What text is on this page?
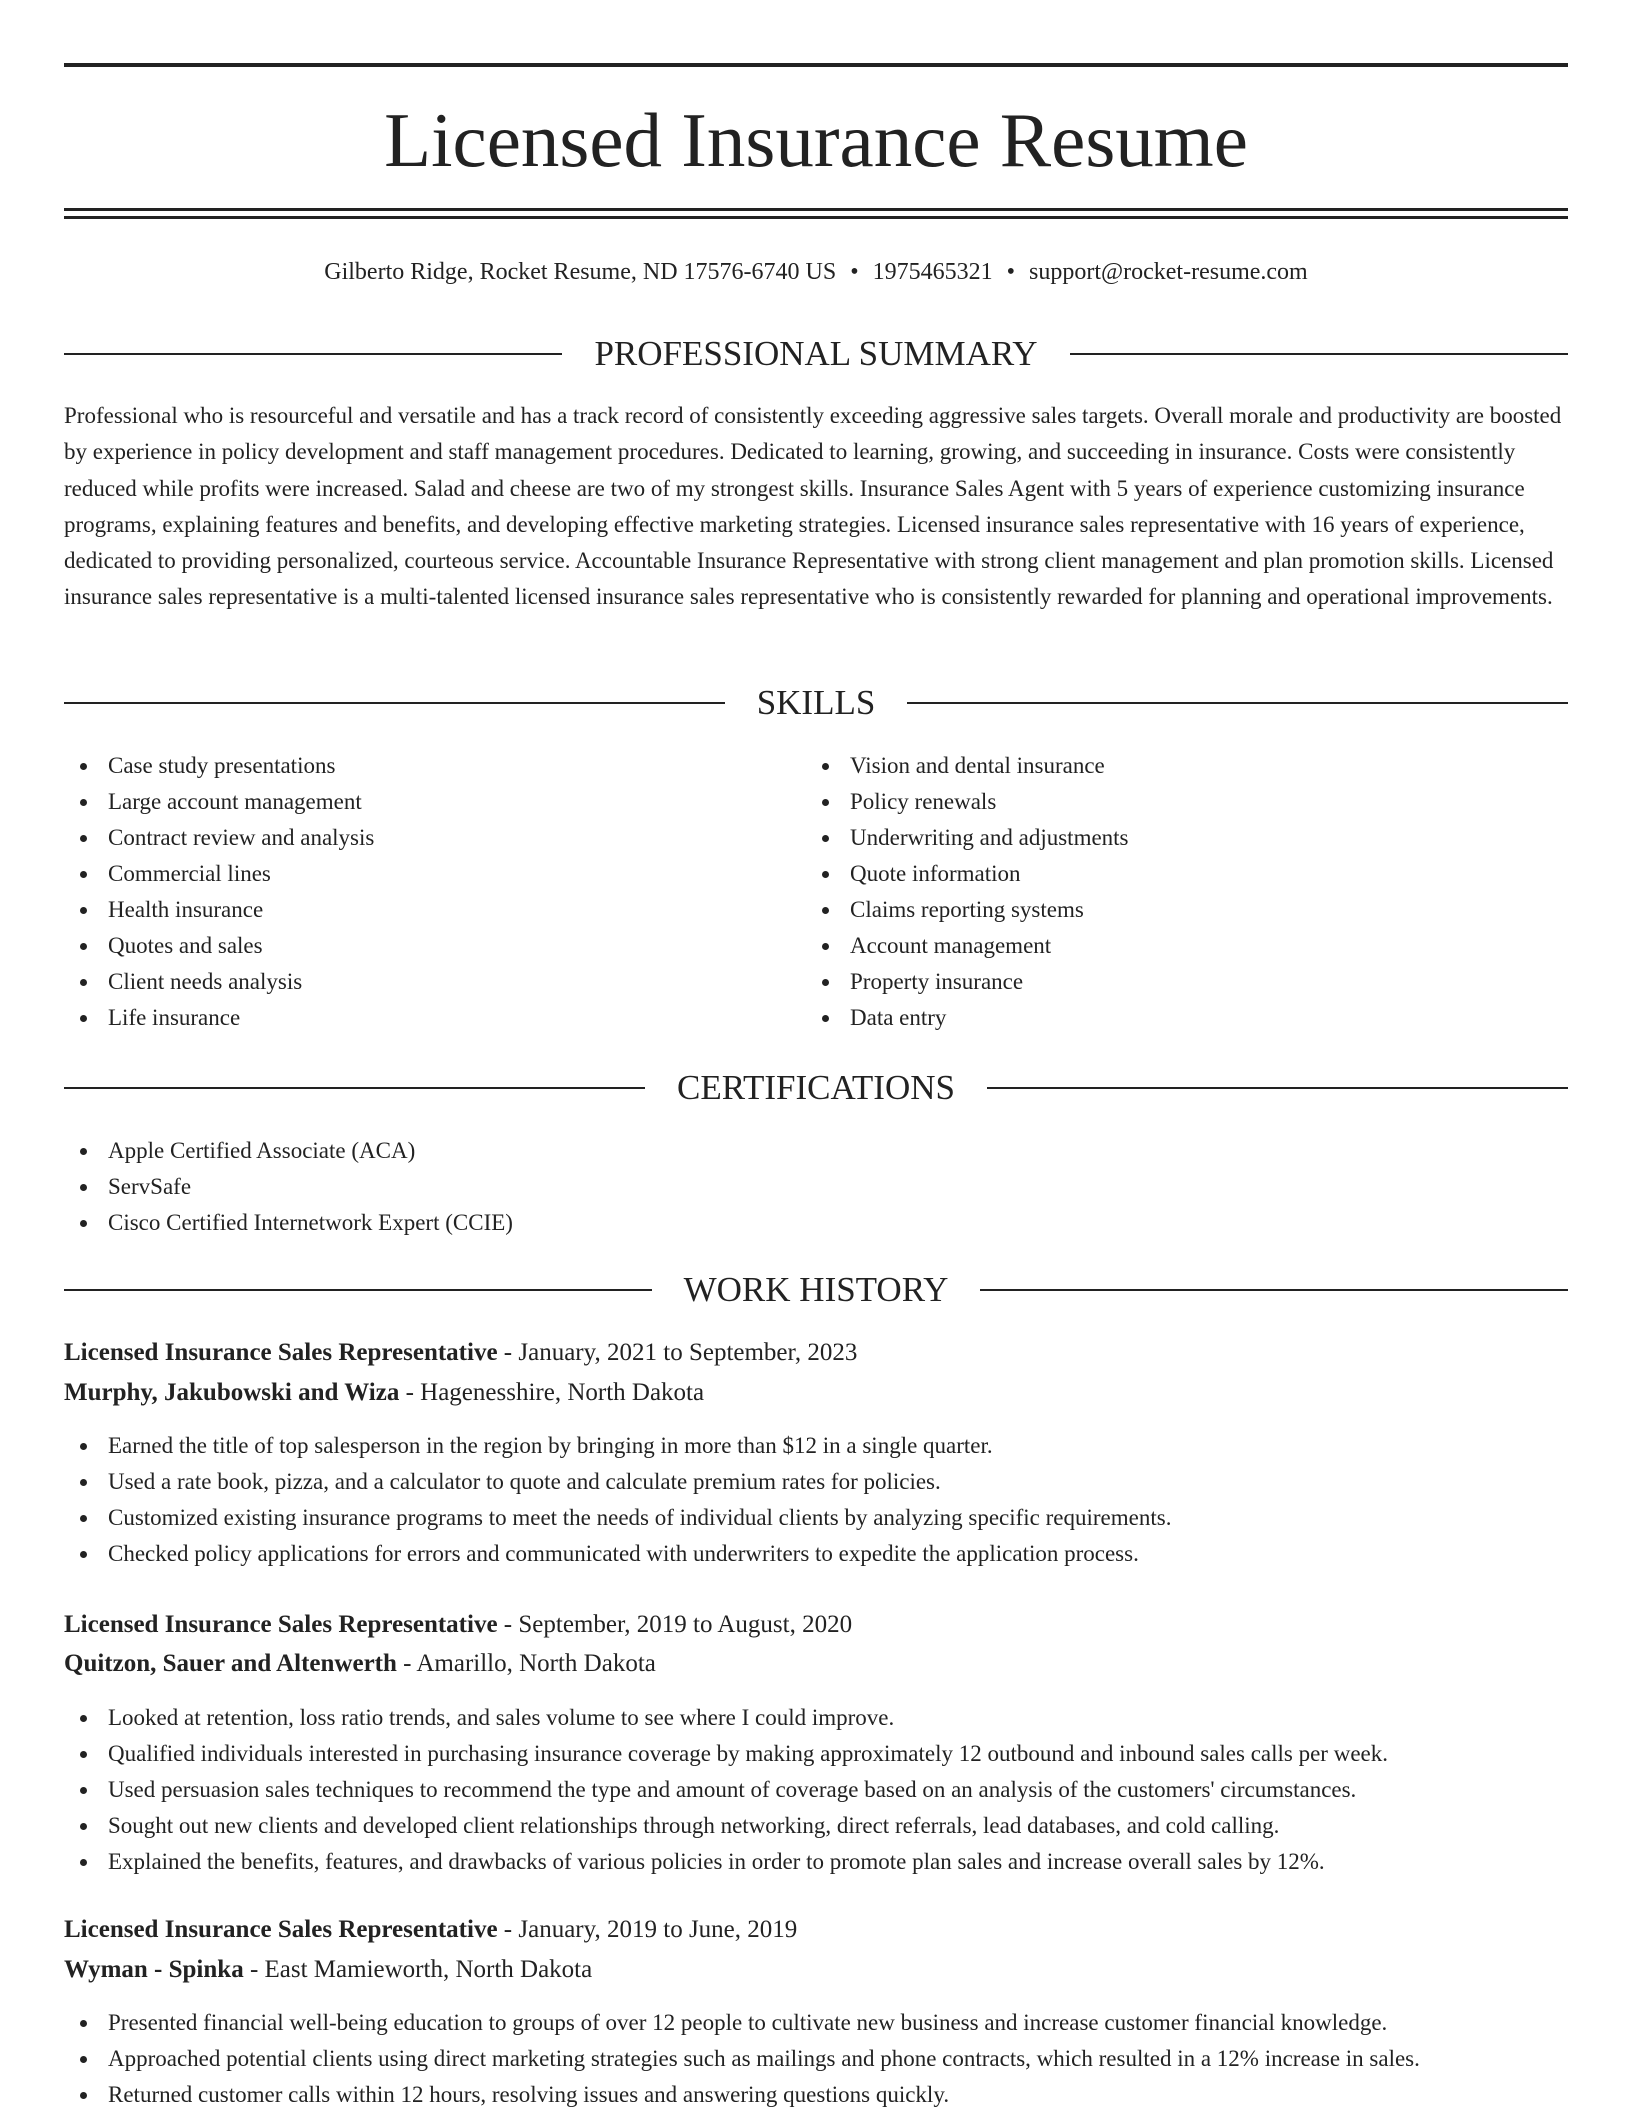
Licensed Insurance Resume
Gilberto Ridge, Rocket Resume, ND 17576-6740 US • 1975465321 • support@rocket-resume.com
PROFESSIONAL SUMMARY

Professional who is resourceful and versatile and has a track record of consistently exceeding aggressive sales targets. Overall morale and productivity are boosted by experience in policy development and staff management procedures. Dedicated to learning, growing, and succeeding in insurance. Costs were consistently reduced while profits were increased. Salad and cheese are two of my strongest skills. Insurance Sales Agent with 5 years of experience customizing insurance programs, explaining features and benefits, and developing effective marketing strategies. Licensed insurance sales representative with 16 years of experience, dedicated to providing personalized, courteous service. Accountable Insurance Representative with strong client management and plan promotion skills. Licensed insurance sales representative is a multi-talented licensed insurance sales representative who is consistently rewarded for planning and operational improvements.

SKILLS
Case study presentations
Large account management
Contract review and analysis
Commercial lines
Health insurance
Quotes and sales
Client needs analysis
Life insurance
Vision and dental insurance
Policy renewals
Underwriting and adjustments
Quote information
Claims reporting systems
Account management
Property insurance
Data entry
CERTIFICATIONS
Apple Certified Associate (ACA)
ServSafe
Cisco Certified Internetwork Expert (CCIE)
WORK HISTORY
Licensed Insurance Sales Representative - January, 2021 to September, 2023
Murphy, Jakubowski and Wiza - Hagenesshire, North Dakota
Earned the title of top salesperson in the region by bringing in more than $12 in a single quarter.
Used a rate book, pizza, and a calculator to quote and calculate premium rates for policies.
Customized existing insurance programs to meet the needs of individual clients by analyzing specific requirements.
Checked policy applications for errors and communicated with underwriters to expedite the application process.
Licensed Insurance Sales Representative - September, 2019 to August, 2020
Quitzon, Sauer and Altenwerth - Amarillo, North Dakota
Looked at retention, loss ratio trends, and sales volume to see where I could improve.
Qualified individuals interested in purchasing insurance coverage by making approximately 12 outbound and inbound sales calls per week.
Used persuasion sales techniques to recommend the type and amount of coverage based on an analysis of the customers' circumstances.
Sought out new clients and developed client relationships through networking, direct referrals, lead databases, and cold calling.
Explained the benefits, features, and drawbacks of various policies in order to promote plan sales and increase overall sales by 12%.
Licensed Insurance Sales Representative - January, 2019 to June, 2019
Wyman - Spinka - East Mamieworth, North Dakota
Presented financial well-being education to groups of over 12 people to cultivate new business and increase customer financial knowledge.
Approached potential clients using direct marketing strategies such as mailings and phone contracts, which resulted in a 12% increase in sales.
Returned customer calls within 12 hours, resolving issues and answering questions quickly.
